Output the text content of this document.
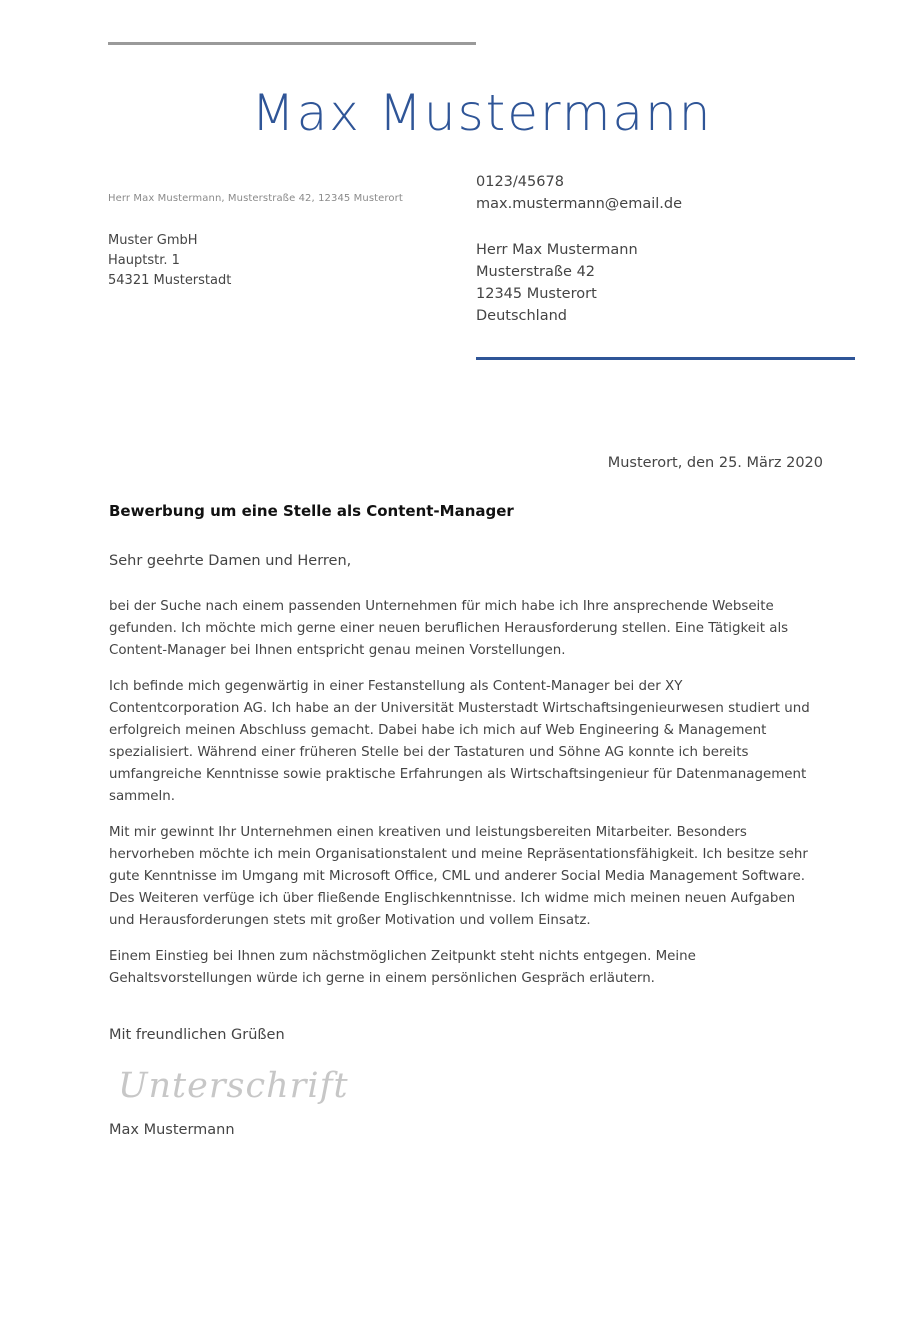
Max Mustermann
Herr Max Mustermann, Musterstraße 42, 12345 Musterort
Muster GmbH
Hauptstr. 1
54321 Musterstadt
0123/45678
max.mustermann@email.de
Herr Max Mustermann
Musterstraße 42
12345 Musterort
Deutschland
Musterort, den 25. März 2020
Bewerbung um eine Stelle als Content-Manager
Sehr geehrte Damen und Herren,

bei der Suche nach einem passenden Unternehmen für mich habe ich Ihre ansprechende Webseite gefunden. Ich möchte mich gerne einer neuen beruflichen Herausforderung stellen. Eine Tätigkeit als Content-Manager bei Ihnen entspricht genau meinen Vorstellungen.

Ich befinde mich gegenwärtig in einer Festanstellung als Content-Manager bei der XY Contentcorporation AG. Ich habe an der Universität Musterstadt Wirtschaftsingenieurwesen studiert und erfolgreich meinen Abschluss gemacht. Dabei habe ich mich auf Web Engineering & Management spezialisiert. Während einer früheren Stelle bei der Tastaturen und Söhne AG konnte ich bereits umfangreiche Kenntnisse sowie praktische Erfahrungen als Wirtschaftsingenieur für Datenmanagement sammeln.

Mit mir gewinnt Ihr Unternehmen einen kreativen und leistungsbereiten Mitarbeiter. Besonders hervorheben möchte ich mein Organisationstalent und meine Repräsentationsfähigkeit. Ich besitze sehr gute Kenntnisse im Umgang mit Microsoft Office, CML und anderer Social Media Management Software. Des Weiteren verfüge ich über fließende Englischkenntnisse. Ich widme mich meinen neuen Aufgaben und Herausforderungen stets mit großer Motivation und vollem Einsatz.

Einem Einstieg bei Ihnen zum nächstmöglichen Zeitpunkt steht nichts entgegen. Meine Gehaltsvorstellungen würde ich gerne in einem persönlichen Gespräch erläutern.

Mit freundlichen Grüßen
Unterschrift
Max Mustermann
